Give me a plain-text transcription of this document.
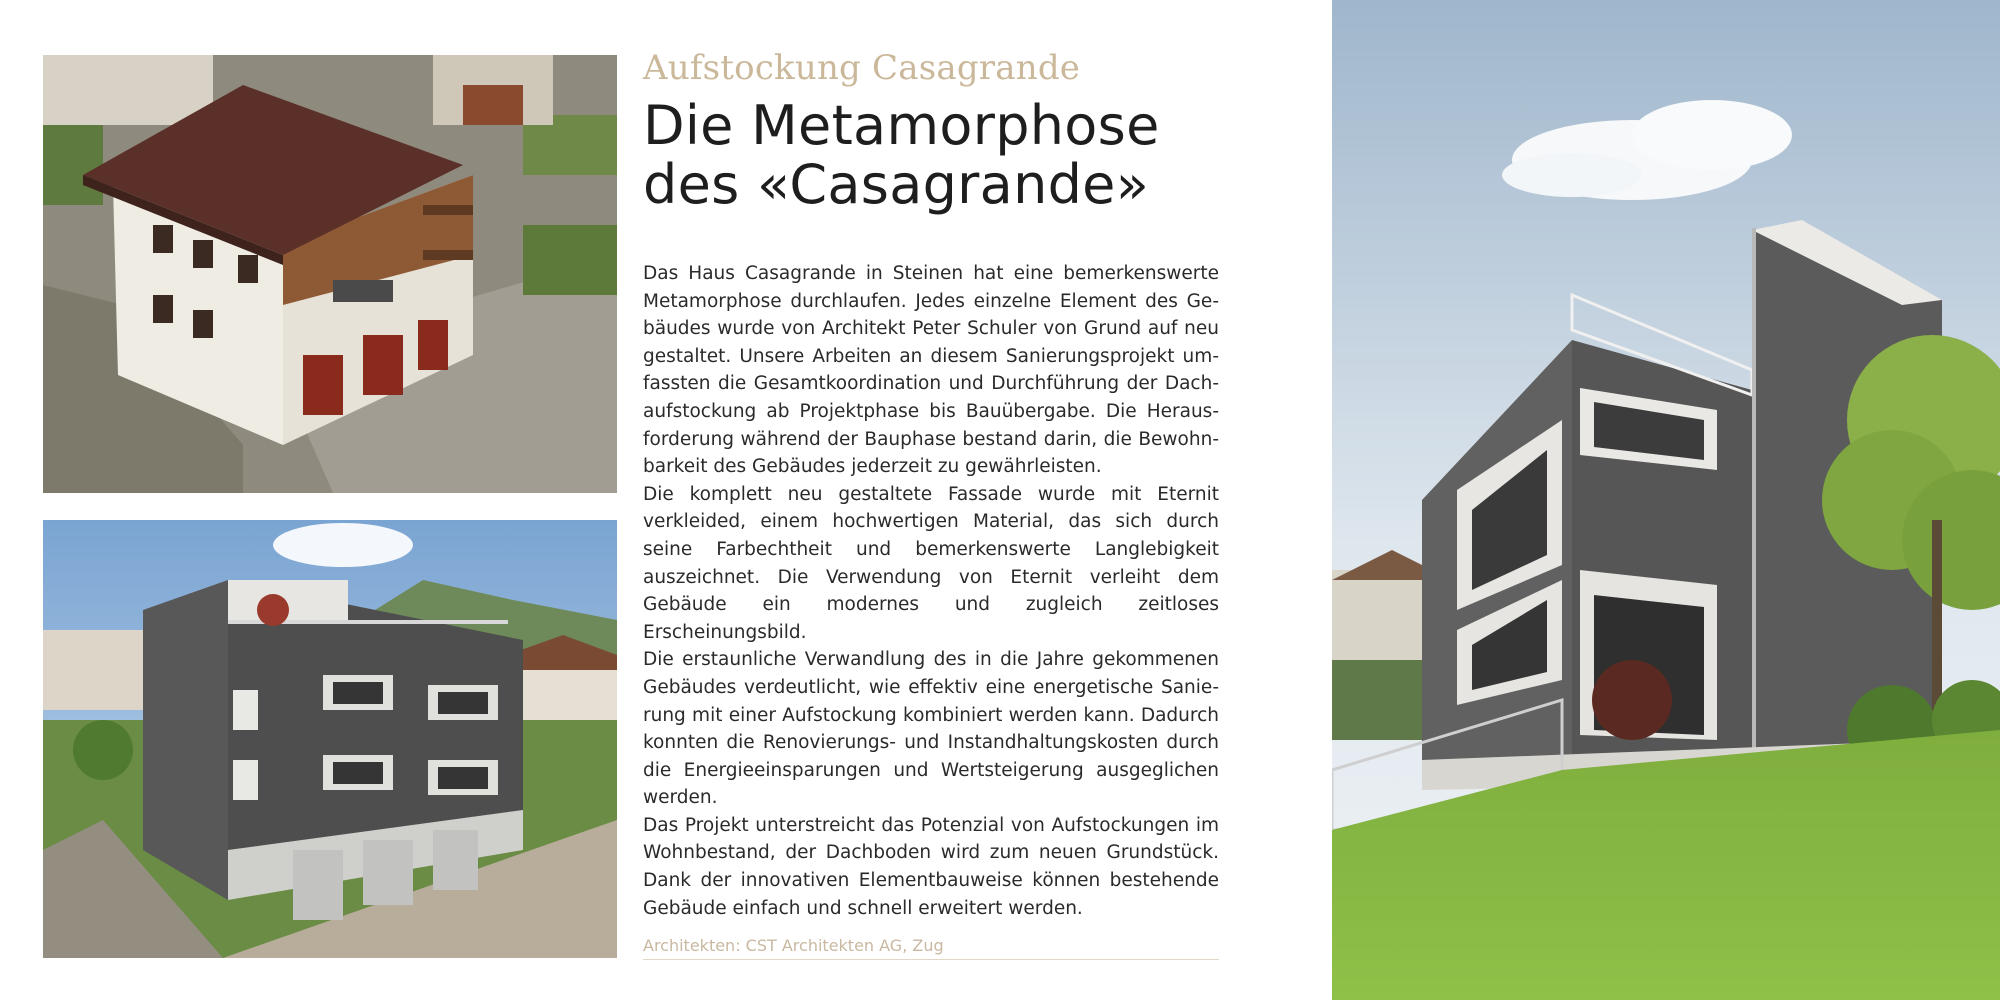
Aufstockung Casagrande

Die Metamorphose
des «Casagrande»

Das Haus Casagrande in Steinen hat eine bemerkenswerte Metamorphose durchlaufen. Jedes einzelne Element des Gebäudes wurde von Architekt Peter Schuler von Grund auf neu gestaltet. Unsere Arbeiten an diesem Sanierungsprojekt umfassten die Gesamtkoordination und Durchführung der Dachaufstockung ab Projektphase bis Bauübergabe. Die Herausforderung während der Bauphase bestand darin, die Bewohnbarkeit des Gebäudes jederzeit zu gewährleisten.

Die komplett neu gestaltete Fassade wurde mit Eternit verkleided, einem hochwertigen Material, das sich durch seine Farbechtheit und bemerkenswerte Langlebigkeit auszeichnet. Die Verwendung von Eternit verleiht dem Gebäude ein modernes und zugleich zeitloses Erscheinungsbild.

Die erstaunliche Verwandlung des in die Jahre gekommenen Gebäudes verdeutlicht, wie effektiv eine energetische Sanierung mit einer Aufstockung kombiniert werden kann. Dadurch konnten die Renovierungs- und Instandhaltungskosten durch die Energieeinsparungen und Wertsteigerung ausgeglichen werden.

Das Projekt unterstreicht das Potenzial von Aufstockungen im Wohnbestand, der Dachboden wird zum neuen Grundstück. Dank der innovativen Elementbauweise können bestehende Gebäude einfach und schnell erweitert werden.

Architekten: CST Architekten AG, Zug
